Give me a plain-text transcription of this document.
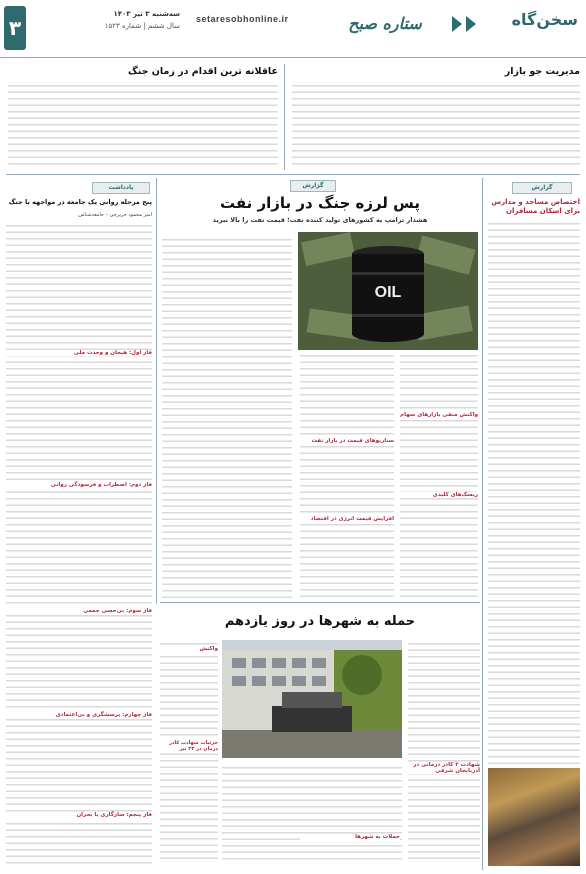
۳
سه‌شنبه ۳ تیر ۱۴۰۳
سال ششم | شماره ۱۵۲۳
setaresobhonline.ir	ستاره صبح	سخن‌گاه
عاقلانه ترین اقدام در زمان جنگ	مدیریت جو بازار
گزارش
اختصاص مساجد و مدارس برای اسکان مسافران
گزارش
پس لرزه جنگ در بازار نفت
هشدار ترامپ به کشورهای تولید کننده نفت؛ قیمت نفت را بالا نبرید
OIL
واکنش منفی بازارهای سهام
ریسک‌های کلیدی
سناریوهای قیمت در بازار نفت
افزایش قیمت انرژی در اقتصاد
یادداشت
پنج مرحله روانی یک جامعه در مواجهه با جنگ
امیر محمود حریرچی – جامعه‌شناس
فاز اول: هیجان و وحدت ملی
فاز دوم: اضطراب و فرسودگی روانی
فاز سوم: بی‌حسی جمعی
فاز چهارم: پرسشگری و بی‌اعتمادی
فاز پنجم: سازگاری یا بحران
حمله به شهرها در روز یازدهم
شهادت ۳ کادر درمانی در آذربایجان شرقی
واکنش
جزئیات شهادت کادر درمان در ۲۳ تیر
حملات به شهرها
